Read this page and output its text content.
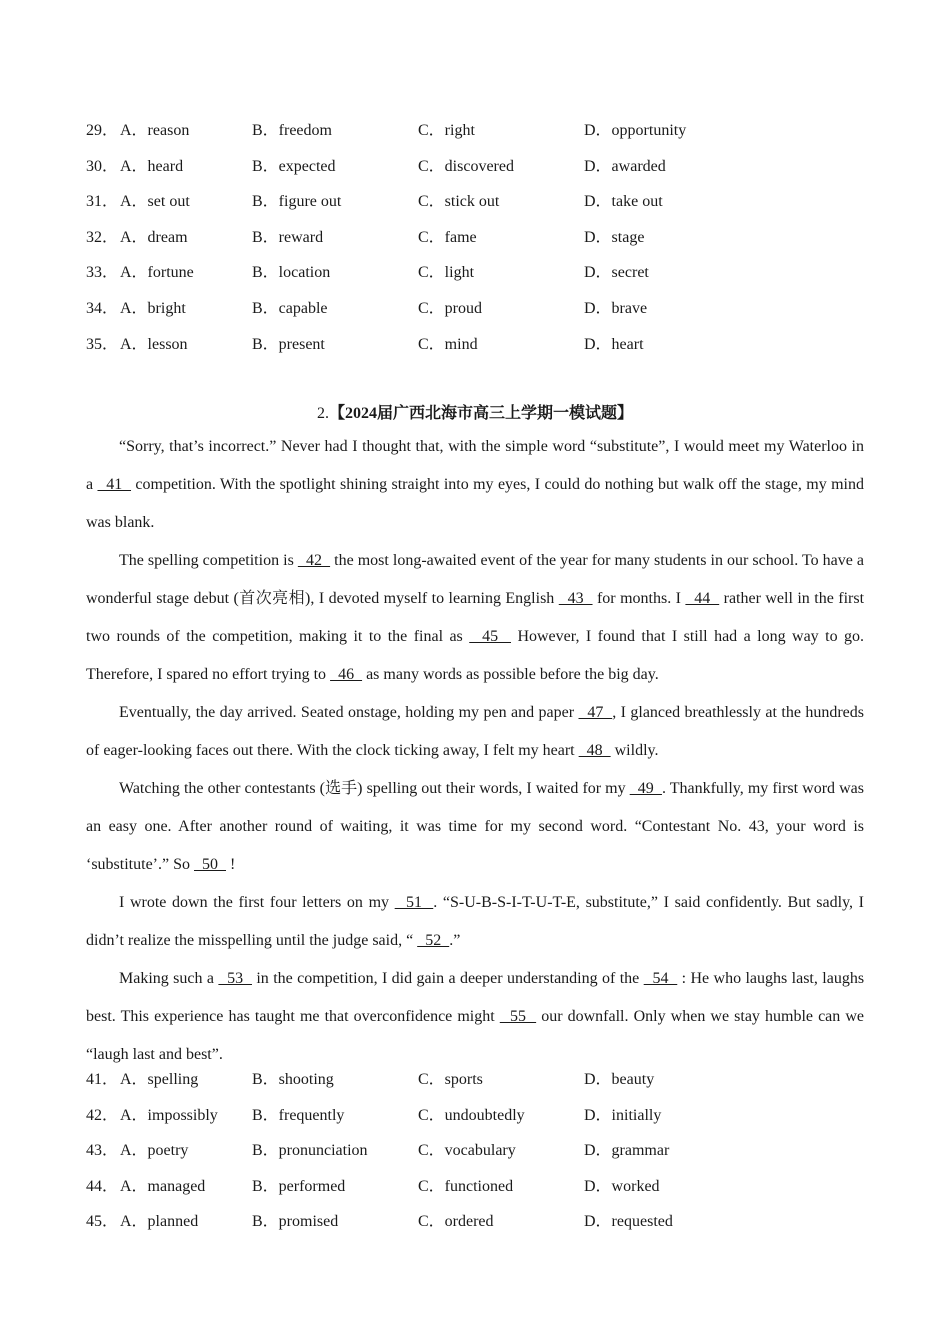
29． A．reason	B．freedom	C．right	D．opportunity
30． A．heard	B．expected	C．discovered	D．awarded
31． A．set out	B．figure out	C．stick out	D．take out
32． A．dream	B．reward	C．fame	D．stage
33． A．fortune	B．location	C．light	D．secret
34． A．bright	B．capable	C．proud	D．brave
35． A．lesson	B．present	C．mind	D．heart
2.【2024届广西北海市高三上学期一模试题】

“Sorry, that’s incorrect.” Never had I thought that, with the simple word “substitute”, I would meet my Waterloo in a   41   competition. With the spotlight shining straight into my eyes, I could do nothing but walk off the stage, my mind was blank.

The spelling competition is   42   the most long-awaited event of the year for many students in our school. To have a wonderful stage debut (首次亮相), I devoted myself to learning English   43   for months. I   44   rather well in the first two rounds of the competition, making it to the final as   45   However, I found that I still had a long way to go. Therefore, I spared no effort trying to   46   as many words as possible before the big day.

Eventually, the day arrived. Seated onstage, holding my pen and paper   47  , I glanced breathlessly at the hundreds of eager-looking faces out there. With the clock ticking away, I felt my heart   48   wildly.

Watching the other contestants (选手) spelling out their words, I waited for my   49  . Thankfully, my first word was an easy one. After another round of waiting, it was time for my second word. “Contestant No. 43, your word is ‘substitute’.” So   50   !

I wrote down the first four letters on my   51  . “S-U-B-S-I-T-U-T-E, substitute,” I said confidently. But sadly, I didn’t realize the misspelling until the judge said, “   52  .”

Making such a   53   in the competition, I did gain a deeper understanding of the   54   : He who laughs last, laughs best. This experience has taught me that overconfidence might   55   our downfall. Only when we stay humble can we “laugh last and best”.

41． A．spelling	B．shooting	C．sports	D．beauty
42． A．impossibly B．frequently	C．undoubtedly	D．initially
43． A．poetry	B．pronunciation	C．vocabulary	D．grammar
44． A．managed	B．performed	C．functioned	D．worked
45． A．planned	B．promised	C．ordered	D．requested
